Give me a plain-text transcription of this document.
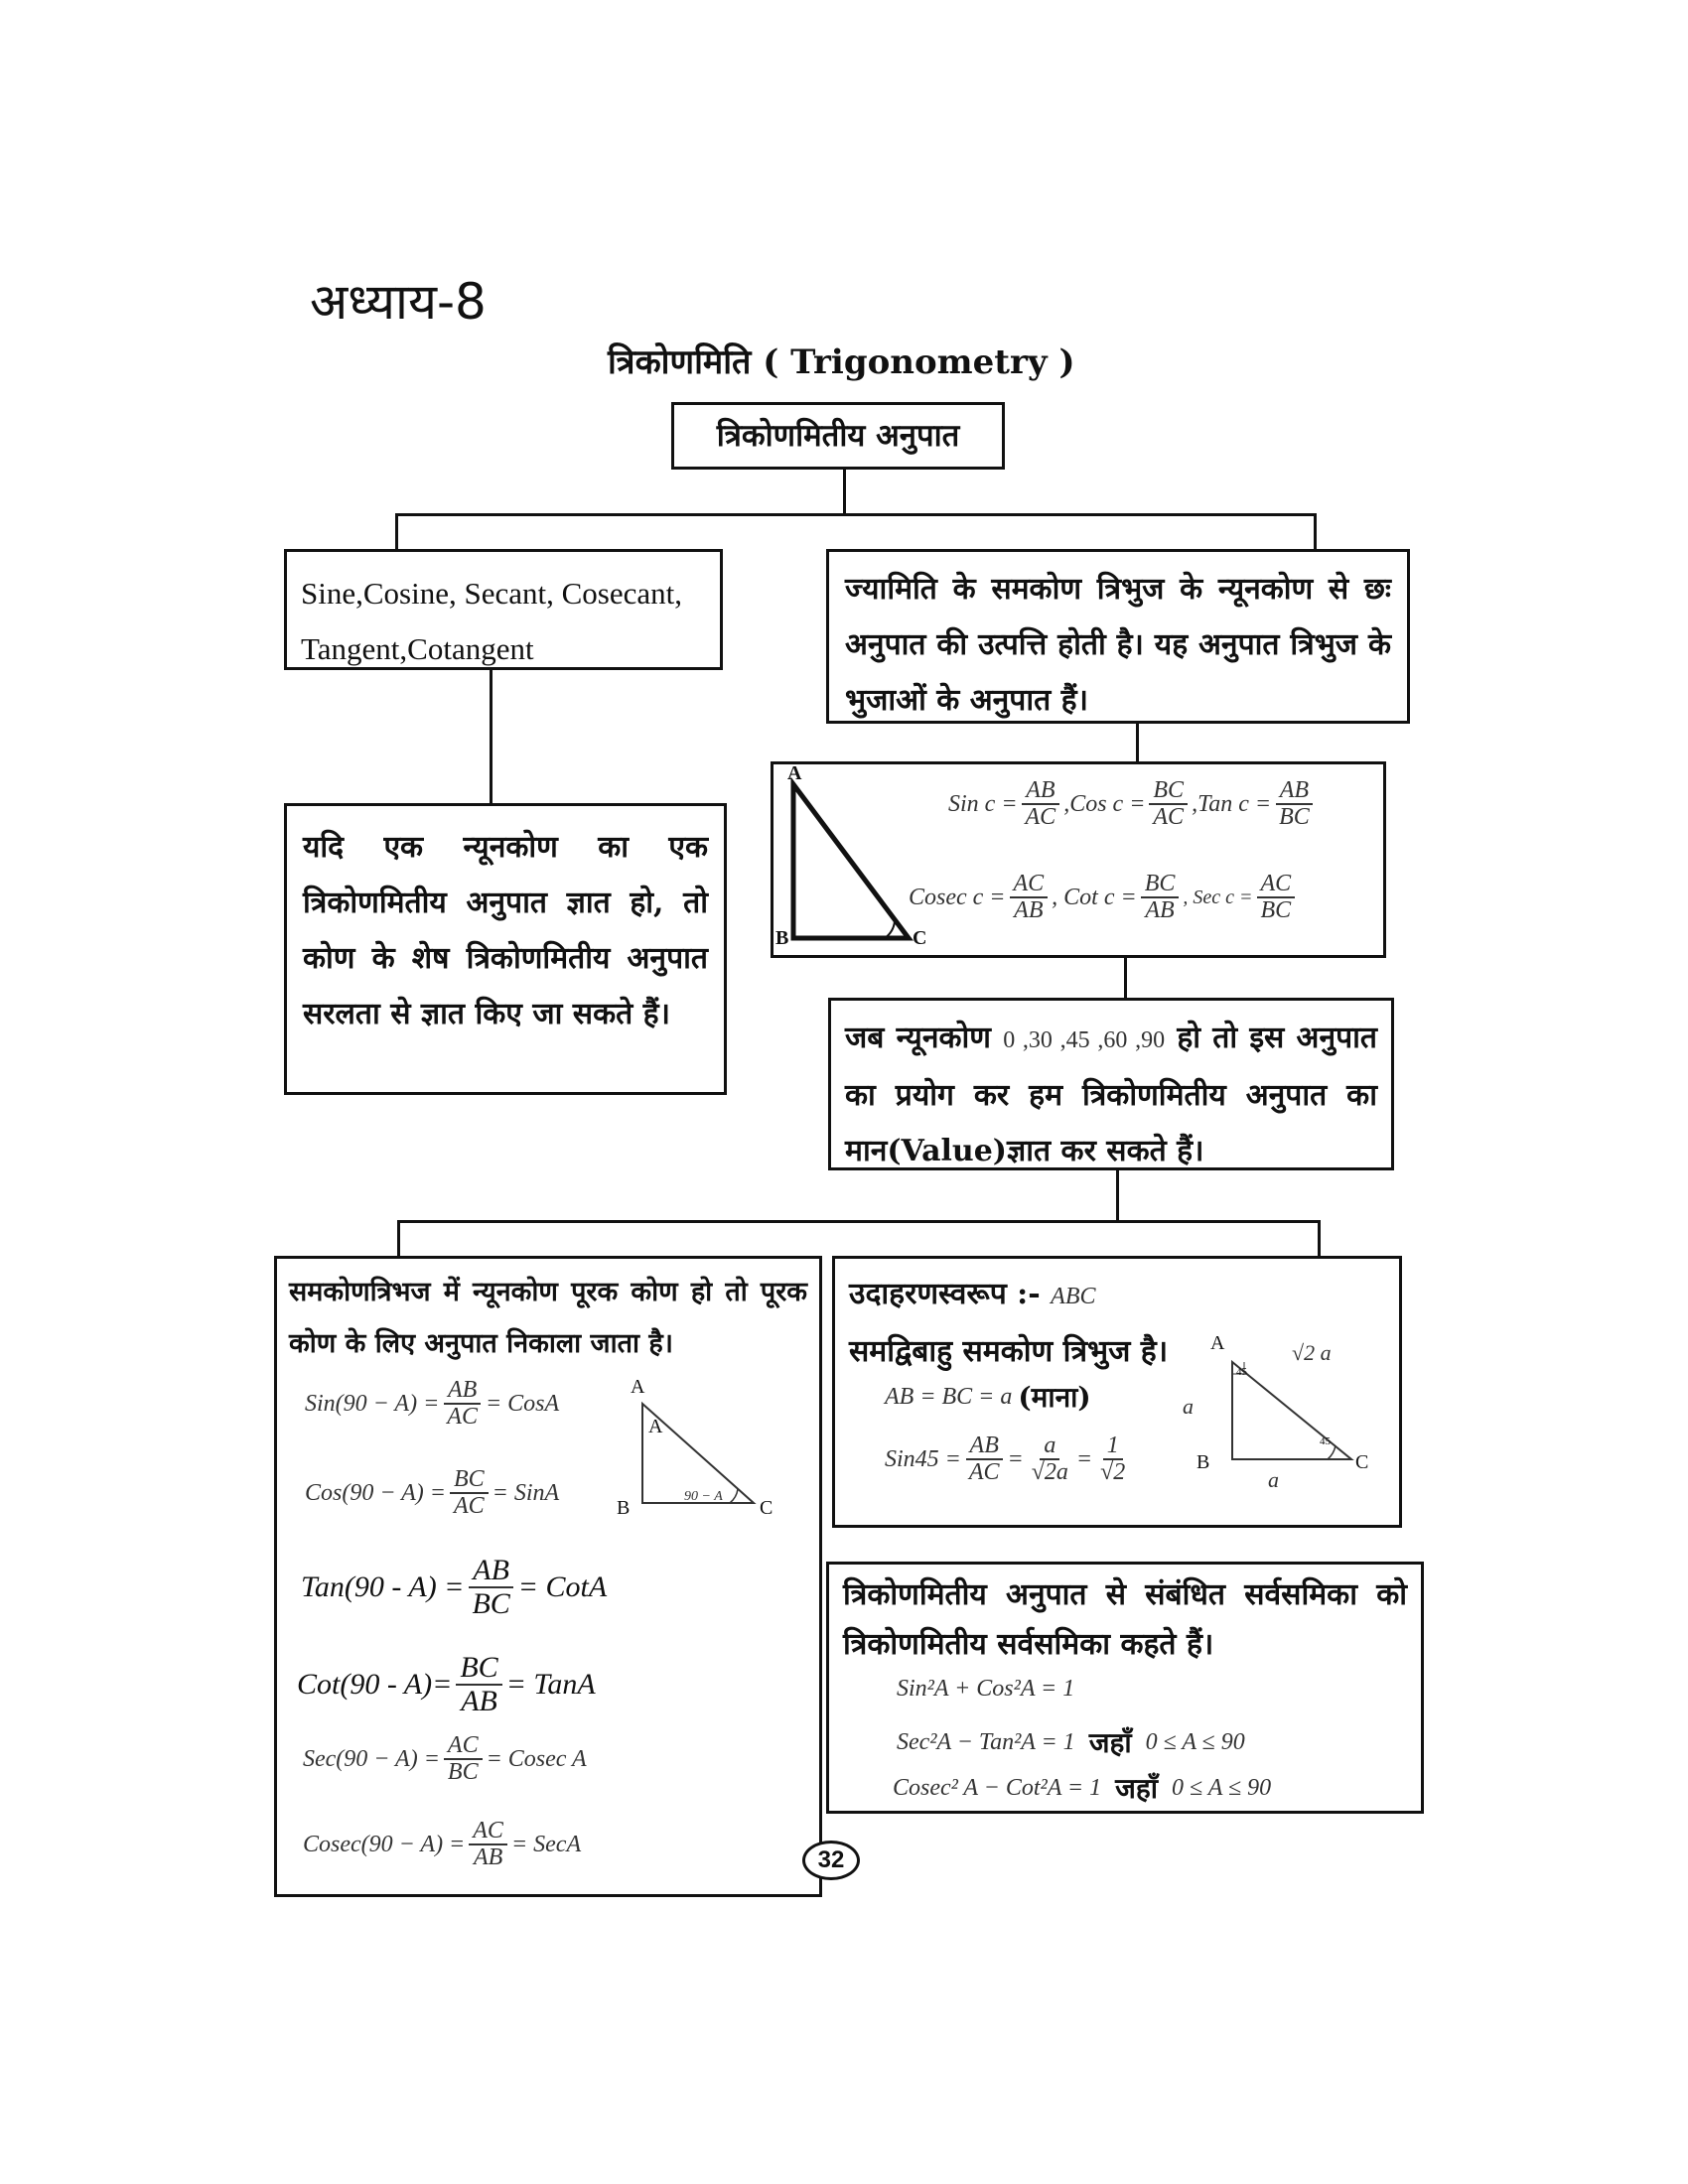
अध्याय-8
त्रिकोणमिति ( Trigonometry )
त्रिकोणमितीय अनुपात
Sine,Cosine, Secant, Cosecant,
Tangent,Cotangent
ज्यामिति के समकोण त्रिभुज के न्यूनकोण से छः अनुपात की उत्पत्ति होती है। यह अनुपात त्रिभुज के भुजाओं के अनुपात हैं।
A
B	C
Sin $c = \frac{AB}{AC} ,Cos$ $c = \frac{BC}{AC} ,Tan$ $c = \frac{AB}{BC}$
Cosec $c = \frac{AC}{AB}$ , Cot $c = \frac{BC}{AB}$ , Sec $c = \frac{AC}{BC}$
यदि एक न्यूनकोण का एक त्रिकोणमितीय अनुपात ज्ञात हो, तो कोण के शेष त्रिकोणमितीय अनुपात सरलता से ज्ञात किए जा सकते हैं।
जब न्यूनकोण 0 ,30 ,45 ,60 ,90 हो तो इस अनुपात का प्रयोग कर हम त्रिकोणमितीय अनुपात का मान(Value)ज्ञात कर सकते हैं।
समकोणत्रिभज में न्यूनकोण पूरक कोण हो तो पूरक कोण के लिए अनुपात निकाला जाता है।
$Sin(90 - A) = \frac{AB}{AC}$ = CosA
$Cos(90 - A) = \frac{BC}{AC}$ = SinA
$Tan(90 - A) = \frac{AB}{BC}$ = CotA
$Cot(90 - A)= \frac{BC}{AB}$ = TanA
$Sec(90 - A) = \frac{AC}{BC} = Cosec$ A
$Cosec(90 - A) = \frac{AC}{AB}$ = SecA
A
A
B	C
90 − A
उदाहरणस्वरूप :- ABC समद्विबाहु समकोण त्रिभुज है।
AB = BC = a (माना)
$Sin45 = \frac{AB}{AC} = \frac{a}{√2a} = \frac{1}{√2}$
A
B	C
√2 a
a
a
45
45
त्रिकोणमितीय अनुपात से संबंधित सर्वसमिका को त्रिकोणमितीय सर्वसमिका कहते हैं।
Sin²A + Cos²A = 1
Sec²A − Tan²A = 1 जहाँ 0 ≤ A ≤ 90
Cosec² A − Cot²A = 1 जहाँ 0 ≤ A ≤ 90
32
